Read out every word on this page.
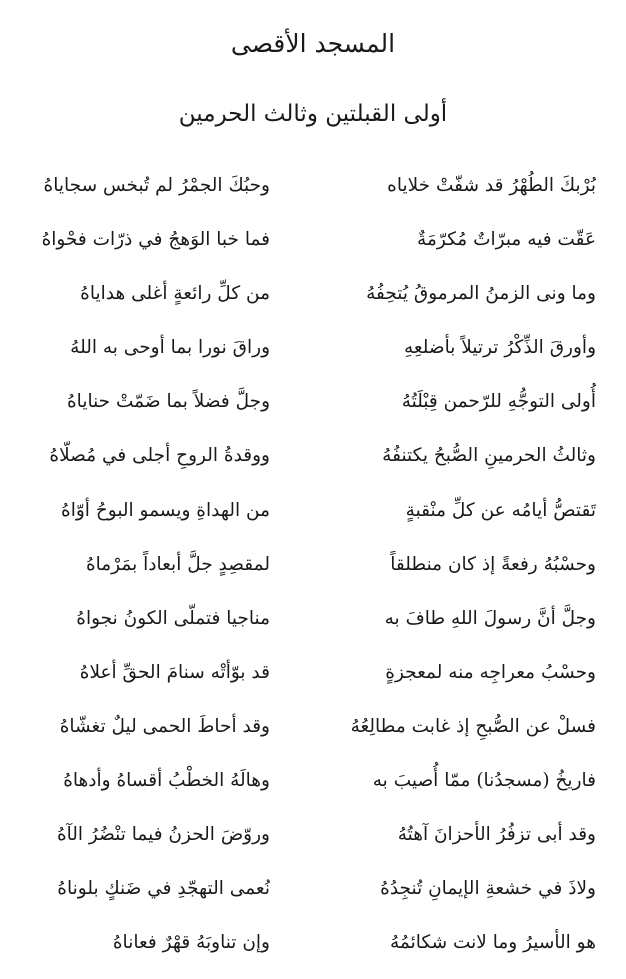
المسجد الأقصى
أولى القبلتين وثالث الحرمين
بُرْبكَ الطُهْرُ قد شفّتْ خلاياه
وحبُكَ الجمْرُ لم تُبخس سجاياهُ
عَقّت فيه مبرّاتٌ مُكرّمَةٌ
فما خبا الوَهجُ في ذرّات فحْواهُ
وما ونى الزمنُ المرموقُ يُتحِفُهُ
من كلِّ رائعةٍ أغلى هداياهُ
وأورقَ الذِّكْرُ ترتيلاً بأضلعِهِ
وراقَ نورا بما أوحى به اللهُ
أُولى التوجُّهِ للرّحمن قِبْلَتُهُ
وجلَّ فضلاً بما ضَمّتْ حناياهُ
وثالثُ الحرمينِ الصُّبحُ يكتنفُهُ
ووقدةُ الروحِ أجلى في مُصلّاهُ
تَقتصُّ أيامُه عن كلِّ منْقبةٍ
من الهداةِ ويسمو البوحُ أوّاهُ
وحسْبُهُ رفعةً إذ كان منطلقاً
لمقصِدٍ جلَّ أبعاداً بمَرْماهُ
وجلَّ أنَّ رسولَ اللهِ طافَ به
مناجيا فتملّى الكونُ نجواهُ
وحسْبُ معراجِه منه لمعجزةٍ
قد بوّأتْه سنامَ الحقِّ أعلاهُ
فسلْ عن الصُّبحِ إذ غابت مطالِعُهُ
وقد أحاطَ الحمى ليلٌ تغشّاهُ
فاريخُ (مسجدُنا) ممّا أُصيبَ به
وهالَهُ الخطْبُ أقساهُ وأدهاهُ
وقد أبى تزفُرُ الأحزانَ آهتُهُ
وروّضَ الحزنُ فيما تنْضُرُ الآهُ
ولاذَ في خشعةِ الإيمانِ تُنجِدُهُ
نُعمى التهجّدِ في ضَنكٍ بلوناهُ
هو الأسيرُ وما لانت شكائمُهُ
وإن تناوبَهُ قهْرٌ فعاناهُ
